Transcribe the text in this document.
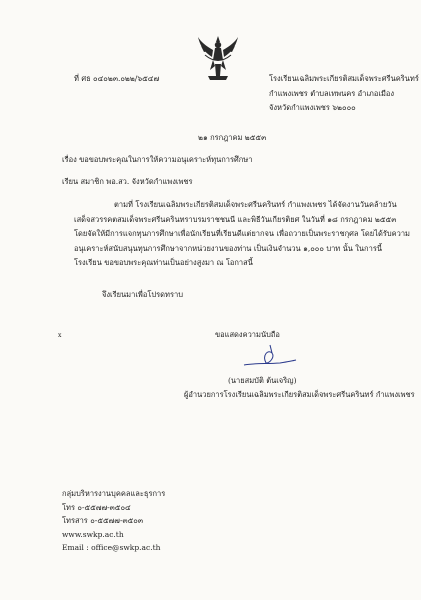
ที่ ศธ ๐๔๐๒๓.๐๒๒/๖๕๔๗	โรงเรียนเฉลิมพระเกียรติสมเด็จพระศรีนครินทร์
กำแพงเพชร ตำบลเทพนคร อำเภอเมือง
จังหวัดกำแพงเพชร ๖๒๐๐๐
๒๑ กรกฎาคม ๒๕๕๓
เรื่อง ขอขอบพระคุณในการให้ความอนุเคราะห์ทุนการศึกษา
เรียน สมาชิก พอ.สว. จังหวัดกำแพงเพชร
ตามที่ โรงเรียนเฉลิมพระเกียรติสมเด็จพระศรีนครินทร์ กำแพงเพชร ได้จัดงานวันคล้ายวัน
เสด็จสวรรคตสมเด็จพระศรีนครินทราบรมราชชนนี และพิธีวันเกียรติยศ ในวันที่ ๑๘ กรกฎาคม ๒๕๕๓
โดยจัดให้มีการแจกทุนการศึกษาเพื่อนักเรียนที่เรียนดีแต่ยากจน เพื่อถวายเป็นพระราชกุศล โดยได้รับความ
อนุเคราะห์สนับสนุนทุนการศึกษาจากหน่วยงานของท่าน เป็นเงินจำนวน ๑,๐๐๐ บาท นั้น ในการนี้
โรงเรียน ขอขอบพระคุณท่านเป็นอย่างสูงมา ณ โอกาสนี้
จึงเรียนมาเพื่อโปรดทราบ
x	ขอแสดงความนับถือ
(นายสมบัติ ต้นเจริญ)
ผู้อำนวยการโรงเรียนเฉลิมพระเกียรติสมเด็จพระศรีนครินทร์ กำแพงเพชร
กลุ่มบริหารงานบุคคลและธุรการ
โทร ๐-๕๕๗๗-๓๕๐๔
โทรสาร ๐-๕๕๗๗-๓๕๐๓
www.swkp.ac.th
Email : office@swkp.ac.th
